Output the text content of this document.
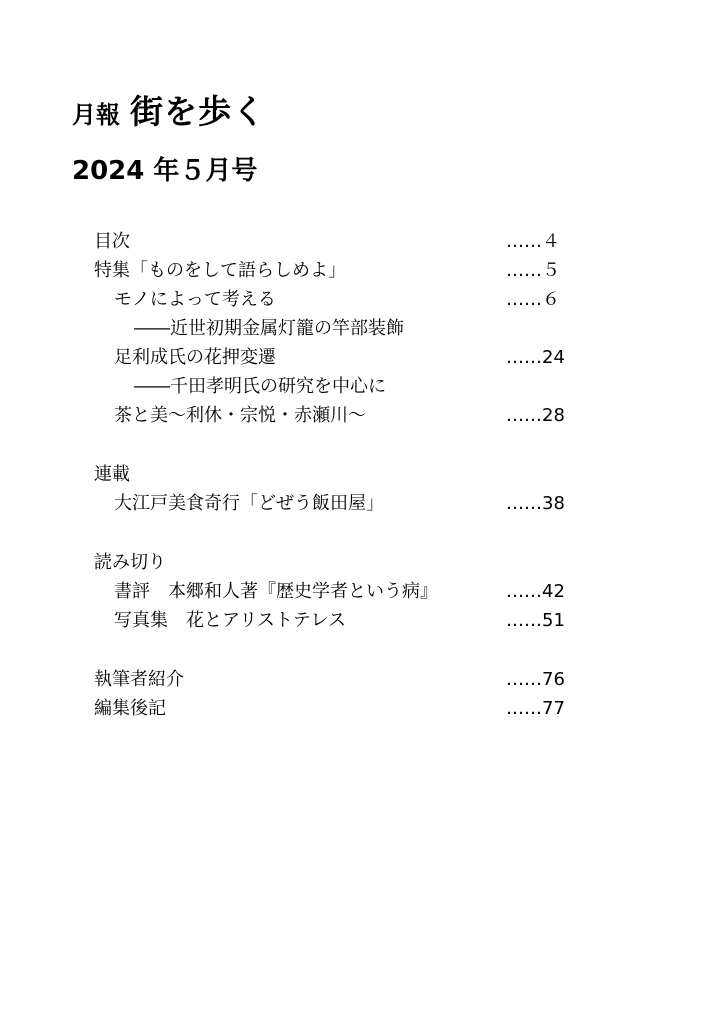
月報 街を歩く
2024 年５月号
目次	……４
特集「ものをして語らしめよ」	……５
モノによって考える	……６
――近世初期金属灯籠の竿部装飾
足利成氏の花押変遷	……24
――千田孝明氏の研究を中心に
茶と美～利休・宗悦・赤瀬川～	……28
連載
大江戸美食奇行「どぜう飯田屋」	……38
読み切り
書評　本郷和人著『歴史学者という病』	……42
写真集　花とアリストテレス	……51
執筆者紹介	……76
編集後記	……77
